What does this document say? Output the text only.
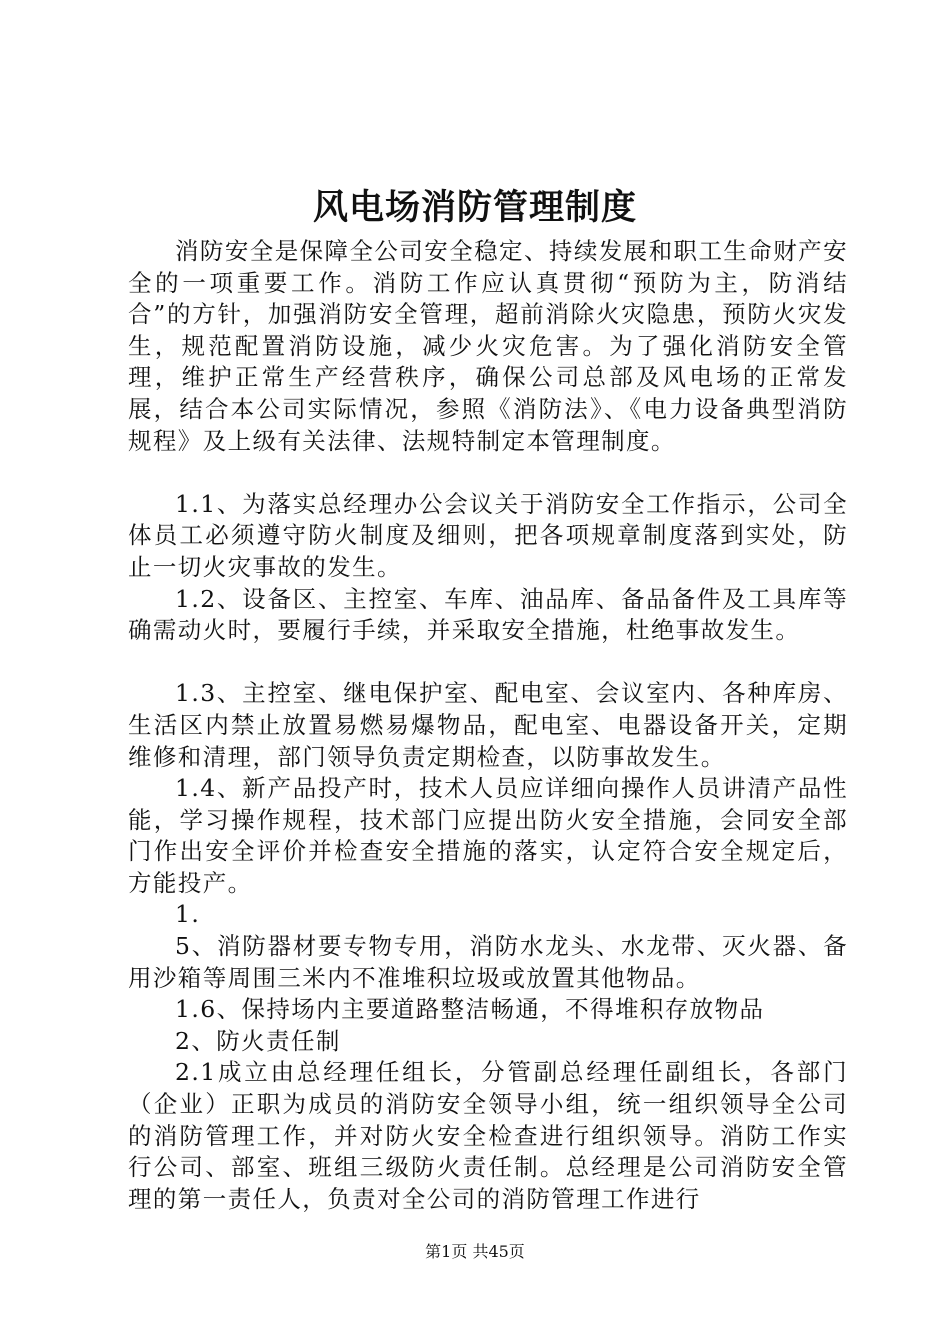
风电场消防管理制度

消防安全是保障全公司安全稳定、持续发展和职工生命财产安全的一项重要工作。消防工作应认真贯彻“预防为主，防消结合”的方针，加强消防安全管理，超前消除火灾隐患，预防火灾发生，规范配置消防设施，减少火灾危害。为了强化消防安全管理，维护正常生产经营秩序，确保公司总部及风电场的正常发展，结合本公司实际情况，参照《消防法》、《电力设备典型消防规程》及上级有关法律、法规特制定本管理制度。

1.1、为落实总经理办公会议关于消防安全工作指示，公司全体员工必须遵守防火制度及细则，把各项规章制度落到实处，防止一切火灾事故的发生。

1.2、设备区、主控室、车库、油品库、备品备件及工具库等确需动火时，要履行手续，并采取安全措施，杜绝事故发生。

1.3、主控室、继电保护室、配电室、会议室内、各种库房、生活区内禁止放置易燃易爆物品，配电室、电器设备开关，定期维修和清理，部门领导负责定期检查，以防事故发生。

1.4、新产品投产时，技术人员应详细向操作人员讲清产品性能，学习操作规程，技术部门应提出防火安全措施，会同安全部门作出安全评价并检查安全措施的落实，认定符合安全规定后，方能投产。

1.

5、消防器材要专物专用，消防水龙头、水龙带、灭火器、备用沙箱等周围三米内不准堆积垃圾或放置其他物品。

1.6、保持场内主要道路整洁畅通，不得堆积存放物品

2、防火责任制

2.1成立由总经理任组长，分管副总经理任副组长，各部门（企业）正职为成员的消防安全领导小组，统一组织领导全公司的消防管理工作，并对防火安全检查进行组织领导。消防工作实行公司、部室、班组三级防火责任制。总经理是公司消防安全管理的第一责任人，负责对全公司的消防管理工作进行

第1页 共45页
